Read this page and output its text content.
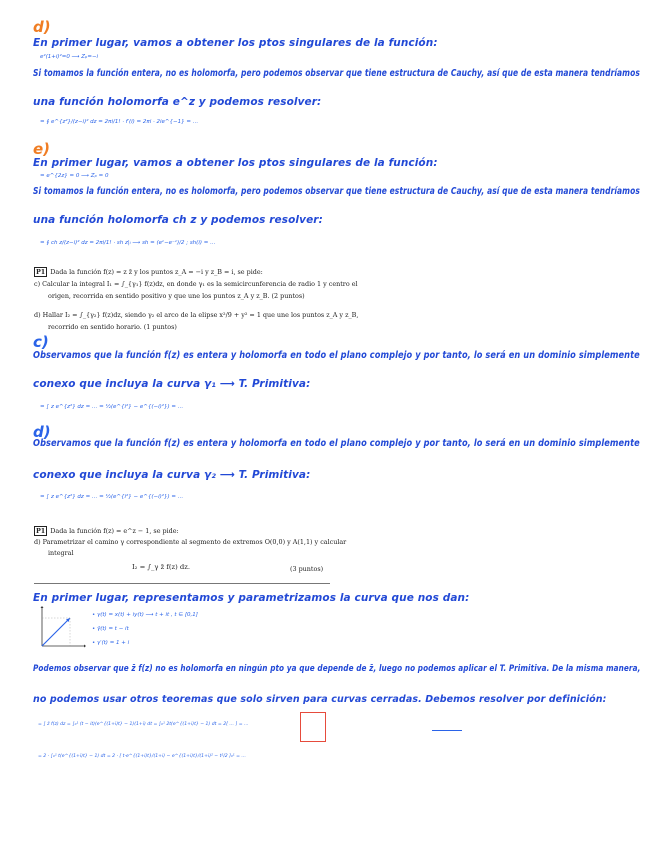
d)
En primer lugar, vamos a obtener los ptos singulares de la función:
e²(1+i)²=0 ⟶ Zₚ=−i
Si tomamos la función entera, no es holomorfa, pero podemos observar que tiene estructura de Cauchy, así que de esta manera tendríamos
una función holomorfa e^z y podemos resolver:
= ∮ e^{z²}/(z−i)² dz = 2πi/1! · f′(i) = 2πi · 2ie^{−1} = …
e)
En primer lugar, vamos a obtener los ptos singulares de la función:
= e^{2z} = 0 ⟶ Zₚ = 0
Si tomamos la función entera, no es holomorfa, pero podemos observar que tiene estructura de Cauchy, así que de esta manera tendríamos
una función holomorfa ch z y podemos resolver:
= ∮ ch z/(z−i)² dz = 2πi/1! · sh z|ᵢ ⟶ sh = (eᶻ−e⁻ᶻ)/2 ; sh(i) = …
P1 Dada la función f(z) = z z̄ y los puntos z_A = −i y z_B = i, se pide:
c) Calcular la integral I₁ = ∫_{γ₁} f(z)dz, en donde γ₁ es la semicircunferencia de radio 1 y centro el
origen, recorrida en sentido positivo y que une los puntos z_A y z_B. (2 puntos)
d) Hallar I₂ = ∫_{γ₂} f(z)dz, siendo γ₂ el arco de la elipse x²/9 + y² = 1 que une los puntos z_A y z_B,
recorrido en sentido horario. (1 puntos)
c)
Observamos que la función f(z) es entera y holomorfa en todo el plano complejo y por tanto, lo será en un dominio simplemente
conexo que incluya la curva γ₁ ⟶ T. Primitiva:
= ∫ z e^{z²} dz = … = ½(e^{i²} − e^{(−i)²}) = …
d)
Observamos que la función f(z) es entera y holomorfa en todo el plano complejo y por tanto, lo será en un dominio simplemente
conexo que incluya la curva γ₂ ⟶ T. Primitiva:
= ∫ z e^{z²} dz = … = ½(e^{i²} − e^{(−i)²}) = …
P1 Dada la función f(z) = e^z − 1, se pide:
d) Parametrizar el camino γ correspondiente al segmento de extremos O(0,0) y A(1,1) y calcular
integral
I₂ = ∫_γ z̄ f(z) dz.	(3 puntos)
En primer lugar, representamos y parametrizamos la curva que nos dan:
• γ(t) = x(t) + iy(t) ⟶ t + it , t ∈ [0,1]
• γ̄(t) = t − it
• γ′(t) = 1 + i
Podemos observar que z̄ f(z) no es holomorfa en ningún pto ya que depende de z̄, luego no podemos aplicar el T. Primitiva. De la misma manera,
no podemos usar otros teoremas que solo sirven para curvas cerradas. Debemos resolver por definición:
= ∫ z̄ f(z) dz = ∫₀¹ (t − it)(e^{(1+i)t} − 1)(1+i) dt = ∫₀¹ 2t(e^{(1+i)t} − 1) dt = 2[ … ] = …
= 2 · ∫₀¹ t(e^{(1+i)t} − 1) dt = 2 · [ t·e^{(1+i)t}/(1+i) − e^{(1+i)t}/(1+i)² − t²/2 ]₀¹ = …
